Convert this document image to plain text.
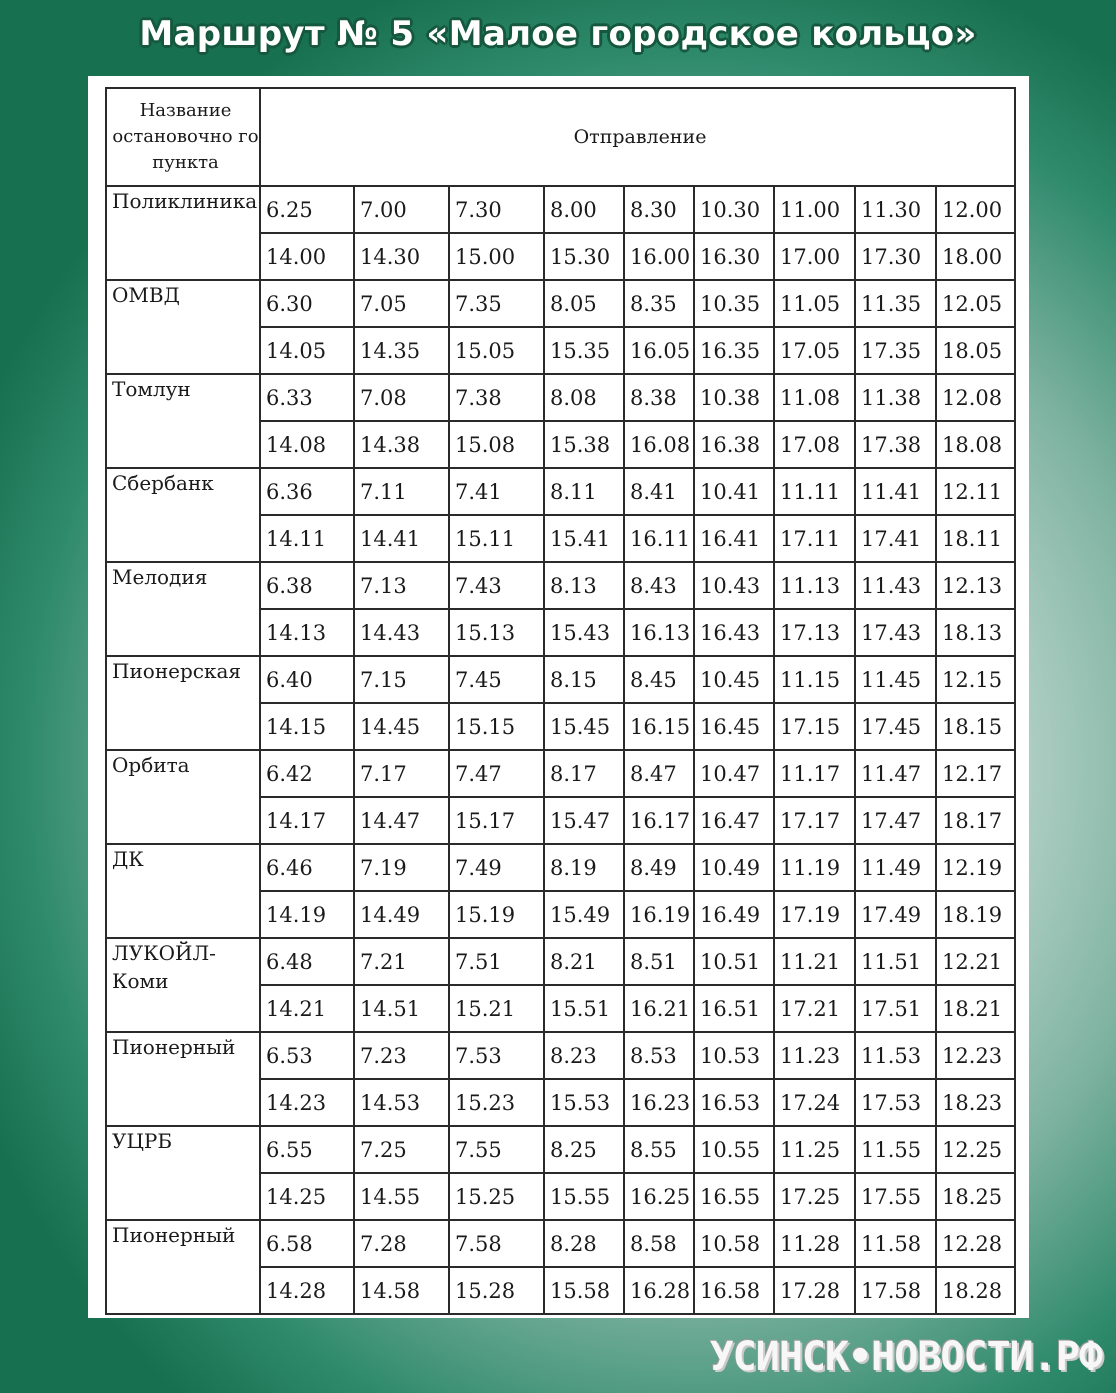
Маршрут № 5 «Малое городское кольцо»
Название остановочно го пункта	Отправление								
Поликлиника	6.25	7.00	7.30	8.00	8.30	10.30	11.00	11.30	12.00
	14.00	14.30	15.00	15.30	16.00	16.30	17.00	17.30	18.00
ОМВД	6.30	7.05	7.35	8.05	8.35	10.35	11.05	11.35	12.05
	14.05	14.35	15.05	15.35	16.05	16.35	17.05	17.35	18.05
Томлун	6.33	7.08	7.38	8.08	8.38	10.38	11.08	11.38	12.08
	14.08	14.38	15.08	15.38	16.08	16.38	17.08	17.38	18.08
Сбербанк	6.36	7.11	7.41	8.11	8.41	10.41	11.11	11.41	12.11
	14.11	14.41	15.11	15.41	16.11	16.41	17.11	17.41	18.11
Мелодия	6.38	7.13	7.43	8.13	8.43	10.43	11.13	11.43	12.13
	14.13	14.43	15.13	15.43	16.13	16.43	17.13	17.43	18.13
Пионерская	6.40	7.15	7.45	8.15	8.45	10.45	11.15	11.45	12.15
	14.15	14.45	15.15	15.45	16.15	16.45	17.15	17.45	18.15
Орбита	6.42	7.17	7.47	8.17	8.47	10.47	11.17	11.47	12.17
	14.17	14.47	15.17	15.47	16.17	16.47	17.17	17.47	18.17
ДК	6.46	7.19	7.49	8.19	8.49	10.49	11.19	11.49	12.19
	14.19	14.49	15.19	15.49	16.19	16.49	17.19	17.49	18.19
ЛУКОЙЛ- Коми	6.48	7.21	7.51	8.21	8.51	10.51	11.21	11.51	12.21
	14.21	14.51	15.21	15.51	16.21	16.51	17.21	17.51	18.21
Пионерный	6.53	7.23	7.53	8.23	8.53	10.53	11.23	11.53	12.23
	14.23	14.53	15.23	15.53	16.23	16.53	17.24	17.53	18.23
УЦРБ	6.55	7.25	7.55	8.25	8.55	10.55	11.25	11.55	12.25
	14.25	14.55	15.25	15.55	16.25	16.55	17.25	17.55	18.25
Пионерный	6.58	7.28	7.58	8.28	8.58	10.58	11.28	11.58	12.28
	14.28	14.58	15.28	15.58	16.28	16.58	17.28	17.58	18.28
УСИНСК•НОВОСТИ.РФ
